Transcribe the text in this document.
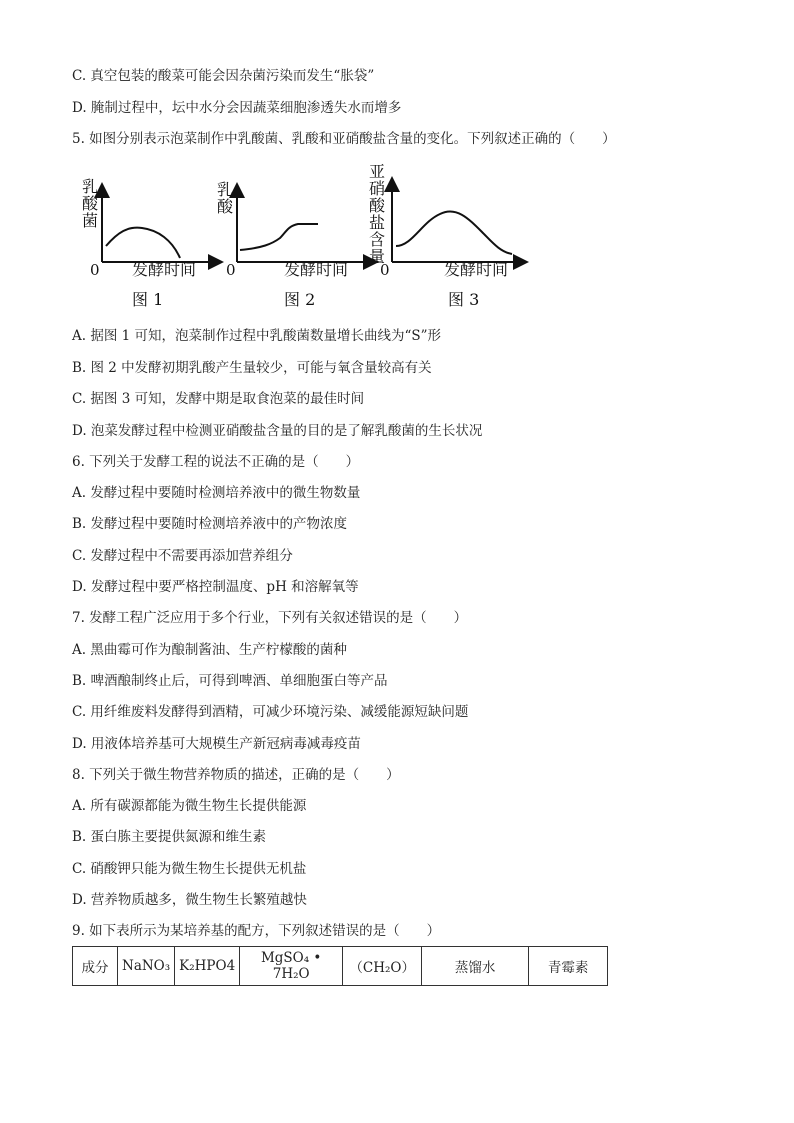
C. 真空包装的酸菜可能会因杂菌污染而发生“胀袋”
D. 腌制过程中，坛中水分会因蔬菜细胞渗透失水而增多
5. 如图分别表示泡菜制作中乳酸菌、乳酸和亚硝酸盐含量的变化。下列叙述正确的（　　）
乳
酸
菌
0 发酵时间
图 1
乳
酸
0	发酵时间
图 2
亚
硝
酸
盐
含
量
0	发酵时间
图 3
A. 据图 1 可知，泡菜制作过程中乳酸菌数量增长曲线为“S”形
B. 图 2 中发酵初期乳酸产生量较少，可能与氧含量较高有关
C. 据图 3 可知，发酵中期是取食泡菜的最佳时间
D. 泡菜发酵过程中检测亚硝酸盐含量的目的是了解乳酸菌的生长状况
6. 下列关于发酵工程的说法不正确的是（　　）
A. 发酵过程中要随时检测培养液中的微生物数量
B. 发酵过程中要随时检测培养液中的产物浓度
C. 发酵过程中不需要再添加营养组分
D. 发酵过程中要严格控制温度、pH 和溶解氧等
7. 发酵工程广泛应用于多个行业，下列有关叙述错误的是（　　）
A. 黑曲霉可作为酿制酱油、生产柠檬酸的菌种
B. 啤酒酿制终止后，可得到啤酒、单细胞蛋白等产品
C. 用纤维废料发酵得到酒精，可减少环境污染、减缓能源短缺问题
D. 用液体培养基可大规模生产新冠病毒减毒疫苗
8. 下列关于微生物营养物质的描述，正确的是（　　）
A. 所有碳源都能为微生物生长提供能源
B. 蛋白胨主要提供氮源和维生素
C. 硝酸钾只能为微生物生长提供无机盐
D. 营养物质越多，微生物生长繁殖越快
9. 如下表所示为某培养基的配方，下列叙述错误的是（　　）
成分	NaNO₃	K₂HPO4	MgSO₄ • 7H₂O	（CH₂O）	蒸馏水	青霉素
